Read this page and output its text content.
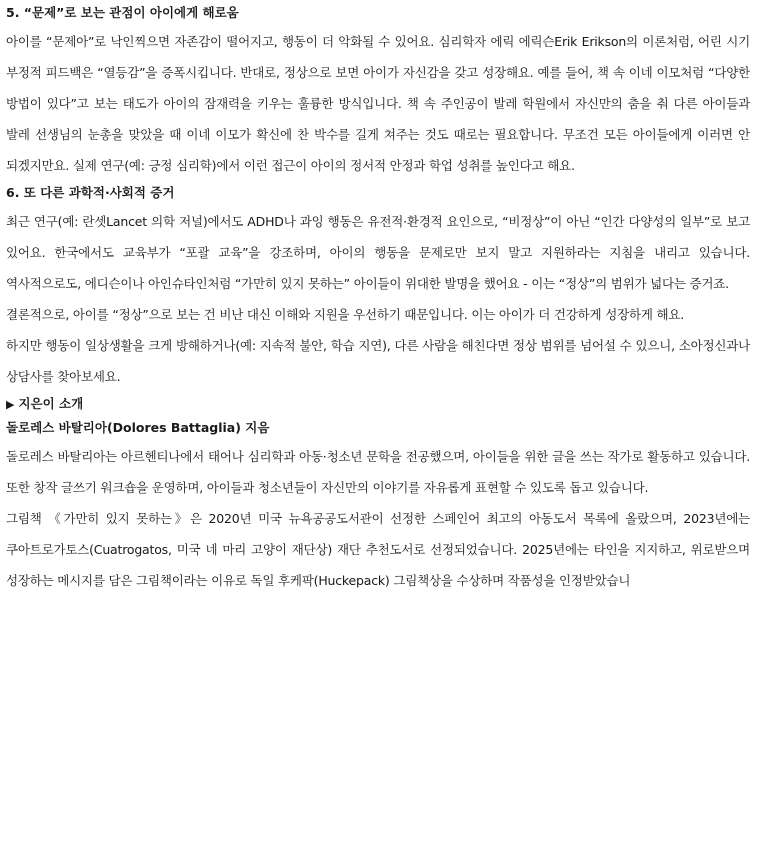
5. “문제”로 보는 관점이 아이에게 해로움

아이를 “문제아”로 낙인찍으면 자존감이 떨어지고, 행동이 더 악화될 수 있어요. 심리학자 에릭 에릭슨Erik Erikson의 이론처럼, 어린 시기 부정적 피드백은 “열등감”을 증폭시킵니다. 반대로, 정상으로 보면 아이가 자신감을 갖고 성장해요. 예를 들어, 책 속 이네 이모처럼 “다양한 방법이 있다”고 보는 태도가 아이의 잠재력을 키우는 훌륭한 방식입니다. 책 속 주인공이 발레 학원에서 자신만의 춤을 춰 다른 아이들과 발레 선생님의 눈총을 맞았을 때 이네 이모가 확신에 찬 박수를 길게 쳐주는 것도 때로는 필요합니다. 무조건 모든 아이들에게 이러면 안 되겠지만요. 실제 연구(예: 긍정 심리학)에서 이런 접근이 아이의 정서적 안정과 학업 성취를 높인다고 해요.

6. 또 다른 과학적·사회적 증거

최근 연구(예: 란셋Lancet 의학 저널)에서도 ADHD나 과잉 행동은 유전적·환경적 요인으로, “비정상”이 아닌 “인간 다양성의 일부”로 보고 있어요. 한국에서도 교육부가 “포괄 교육”을 강조하며, 아이의 행동을 문제로만 보지 말고 지원하라는 지침을 내리고 있습니다. 역사적으로도, 에디슨이나 아인슈타인처럼 “가만히 있지 못하는” 아이들이 위대한 발명을 했어요 - 이는 “정상”의 범위가 넓다는 증거죠.

결론적으로, 아이를 “정상”으로 보는 건 비난 대신 이해와 지원을 우선하기 때문입니다. 이는 아이가 더 건강하게 성장하게 해요.

하지만 행동이 일상생활을 크게 방해하거나(예: 지속적 불안, 학습 지연), 다른 사람을 해친다면 정상 범위를 넘어설 수 있으니, 소아정신과나 상담사를 찾아보세요.

▶ 지은이 소개
돌로레스 바탈리아(Dolores Battaglia) 지음

돌로레스 바탈리아는 아르헨티나에서 태어나 심리학과 아동·청소년 문학을 전공했으며, 아이들을 위한 글을 쓰는 작가로 활동하고 있습니다. 또한 창작 글쓰기 워크숍을 운영하며, 아이들과 청소년들이 자신만의 이야기를 자유롭게 표현할 수 있도록 돕고 있습니다.

그림책 《가만히 있지 못하는》은 2020년 미국 뉴욕공공도서관이 선정한 스페인어 최고의 아동도서 목록에 올랐으며, 2023년에는 쿠아트로가토스(Cuatrogatos, 미국 네 마리 고양이 재단상) 재단 추천도서로 선정되었습니다. 2025년에는 타인을 지지하고, 위로받으며 성장하는 메시지를 담은 그림책이라는 이유로 독일 후케팍(Huckepack) 그림책상을 수상하며 작품성을 인정받았습니
